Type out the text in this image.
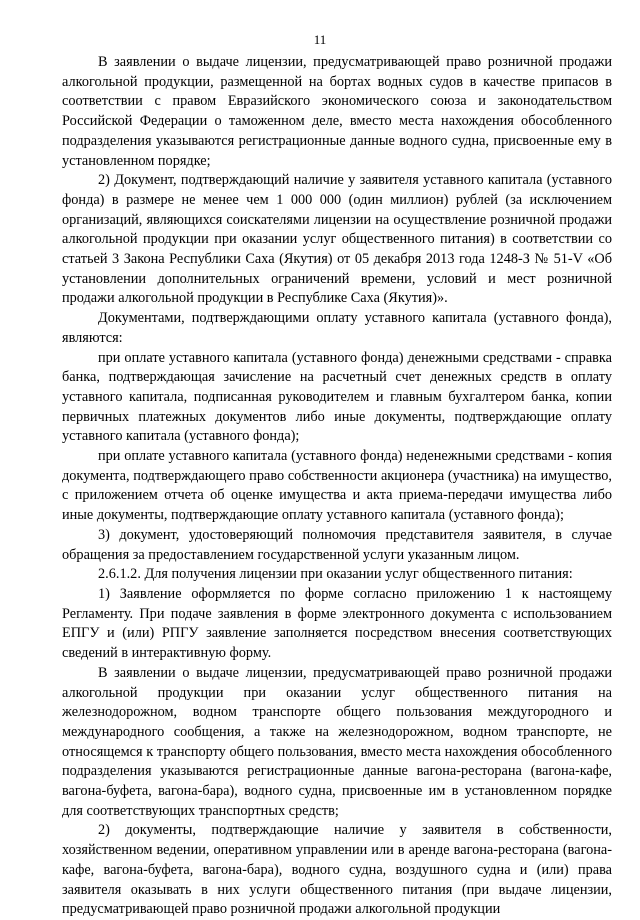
11

В заявлении о выдаче лицензии, предусматривающей право розничной продажи алкогольной продукции, размещенной на бортах водных судов в качестве припасов в соответствии с правом Евразийского экономического союза и законодательством Российской Федерации о таможенном деле, вместо места нахождения обособленного подразделения указываются регистрационные данные водного судна, присвоенные ему в установленном порядке;

2) Документ, подтверждающий наличие у заявителя уставного капитала (уставного фонда) в размере не менее чем 1 000 000 (один миллион) рублей (за исключением организаций, являющихся соискателями лицензии на осуществление розничной продажи алкогольной продукции при оказании услуг общественного питания) в соответствии со статьей 3 Закона Республики Саха (Якутия) от 05 декабря 2013 года 1248-З № 51-V «Об установлении дополнительных ограничений времени, условий и мест розничной продажи алкогольной продукции в Республике Саха (Якутия)».

Документами, подтверждающими оплату уставного капитала (уставного фонда), являются:

при оплате уставного капитала (уставного фонда) денежными средствами - справка банка, подтверждающая зачисление на расчетный счет денежных средств в оплату уставного капитала, подписанная руководителем и главным бухгалтером банка, копии первичных платежных документов либо иные документы, подтверждающие оплату уставного капитала (уставного фонда);

при оплате уставного капитала (уставного фонда) неденежными средствами - копия документа, подтверждающего право собственности акционера (участника) на имущество, с приложением отчета об оценке имущества и акта приема-передачи имущества либо иные документы, подтверждающие оплату уставного капитала (уставного фонда);

3) документ, удостоверяющий полномочия представителя заявителя, в случае обращения за предоставлением государственной услуги указанным лицом.

2.6.1.2. Для получения лицензии при оказании услуг общественного питания:

1) Заявление оформляется по форме согласно приложению 1 к настоящему Регламенту. При подаче заявления в форме электронного документа с использованием ЕПГУ и (или) РПГУ заявление заполняется посредством внесения соответствующих сведений в интерактивную форму.

В заявлении о выдаче лицензии, предусматривающей право розничной продажи алкогольной продукции при оказании услуг общественного питания на железнодорожном, водном транспорте общего пользования междугородного и международного сообщения, а также на железнодорожном, водном транспорте, не относящемся к транспорту общего пользования, вместо места нахождения обособленного подразделения указываются регистрационные данные вагона-ресторана (вагона-кафе, вагона-буфета, вагона-бара), водного судна, присвоенные им в установленном порядке для соответствующих транспортных средств;

2) документы, подтверждающие наличие у заявителя в собственности, хозяйственном ведении, оперативном управлении или в аренде вагона-ресторана (вагона-кафе, вагона-буфета, вагона-бара), водного судна, воздушного судна и (или) права заявителя оказывать в них услуги общественного питания (при выдаче лицензии, предусматривающей право розничной продажи алкогольной продукции
